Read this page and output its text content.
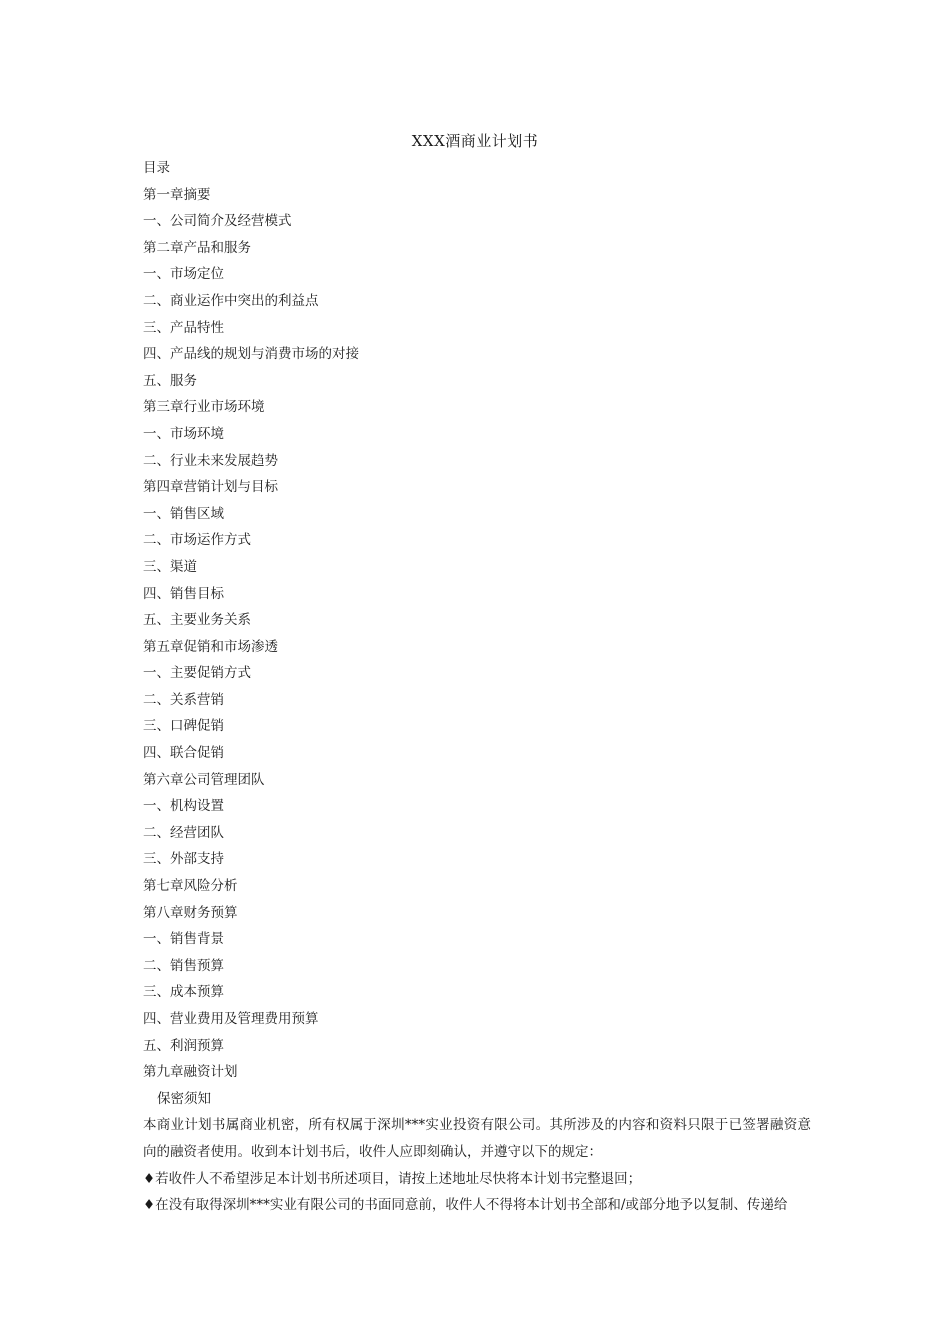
XXX酒商业计划书
目录
第一章摘要
一、公司简介及经营模式
第二章产品和服务
一、市场定位
二、商业运作中突出的利益点
三、产品特性
四、产品线的规划与消费市场的对接
五、服务
第三章行业市场环境
一、市场环境
二、行业未来发展趋势
第四章营销计划与目标
一、销售区域
二、市场运作方式
三、渠道
四、销售目标
五、主要业务关系
第五章促销和市场渗透
一、主要促销方式
二、关系营销
三、口碑促销
四、联合促销
第六章公司管理团队
一、机构设置
二、经营团队
三、外部支持
第七章风险分析
第八章财务预算
一、销售背景
二、销售预算
三、成本预算
四、营业费用及管理费用预算
五、利润预算
第九章融资计划
保密须知
本商业计划书属商业机密，所有权属于深圳***实业投资有限公司。其所涉及的内容和资料只限于已签署融资意向的融资者使用。收到本计划书后，收件人应即刻确认，并遵守以下的规定：
♦若收件人不希望涉足本计划书所述项目，请按上述地址尽快将本计划书完整退回；
♦在没有取得深圳***实业有限公司的书面同意前，收件人不得将本计划书全部和/或部分地予以复制、传递给
